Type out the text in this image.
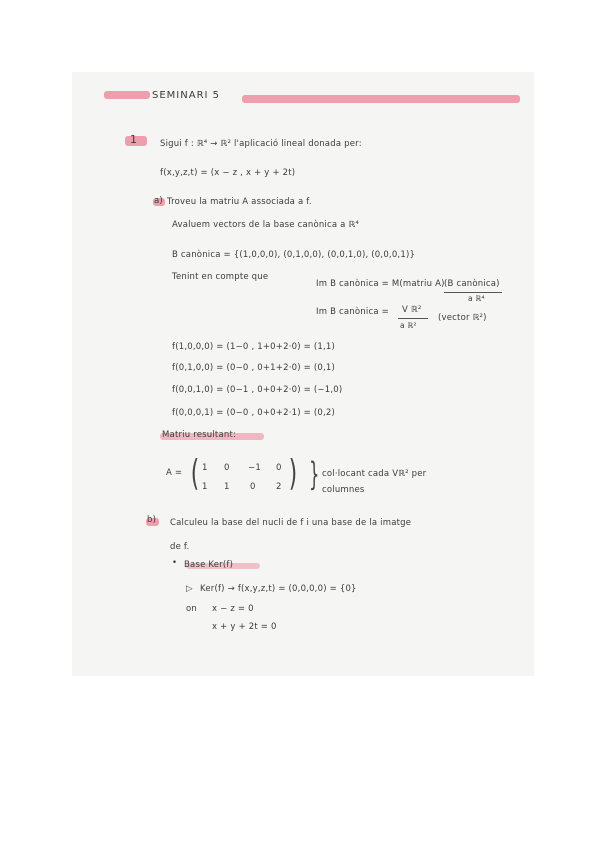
SEMINARI 5
1	Sigui f : ℝ⁴ → ℝ² l'aplicació lineal donada per:
f(x,y,z,t) = (x − z , x + y + 2t)
a) Troveu la matriu A associada a f.
Avaluem vectors de la base canònica a ℝ⁴
B canònica = {(1,0,0,0), (0,1,0,0), (0,0,1,0), (0,0,0,1)}
Tenint en compte que
Im B canònica = M(matriu A) (B canònica)
a ℝ⁴
Im B canònica = V ℝ²
a ℝ²
(vector ℝ²)
f(1,0,0,0) = (1−0 , 1+0+2·0) = (1,1)
f(0,1,0,0) = (0−0 , 0+1+2·0) = (0,1)
f(0,0,1,0) = (0−1 , 0+0+2·0) = (−1,0)
f(0,0,0,1) = (0−0 , 0+0+2·1) = (0,2)
Matriu resultant:
A = ( )
1 0 −1 0
1 1 0 2 } col·locant cada Vℝ² per
columnes
b) Calculeu la base del nucli de f i una base de la imatge
de f.
• Base Ker(f)
▷ Ker(f) → f(x,y,z,t) = (0,0,0,0) = {0}
on x − z = 0
x + y + 2t = 0
